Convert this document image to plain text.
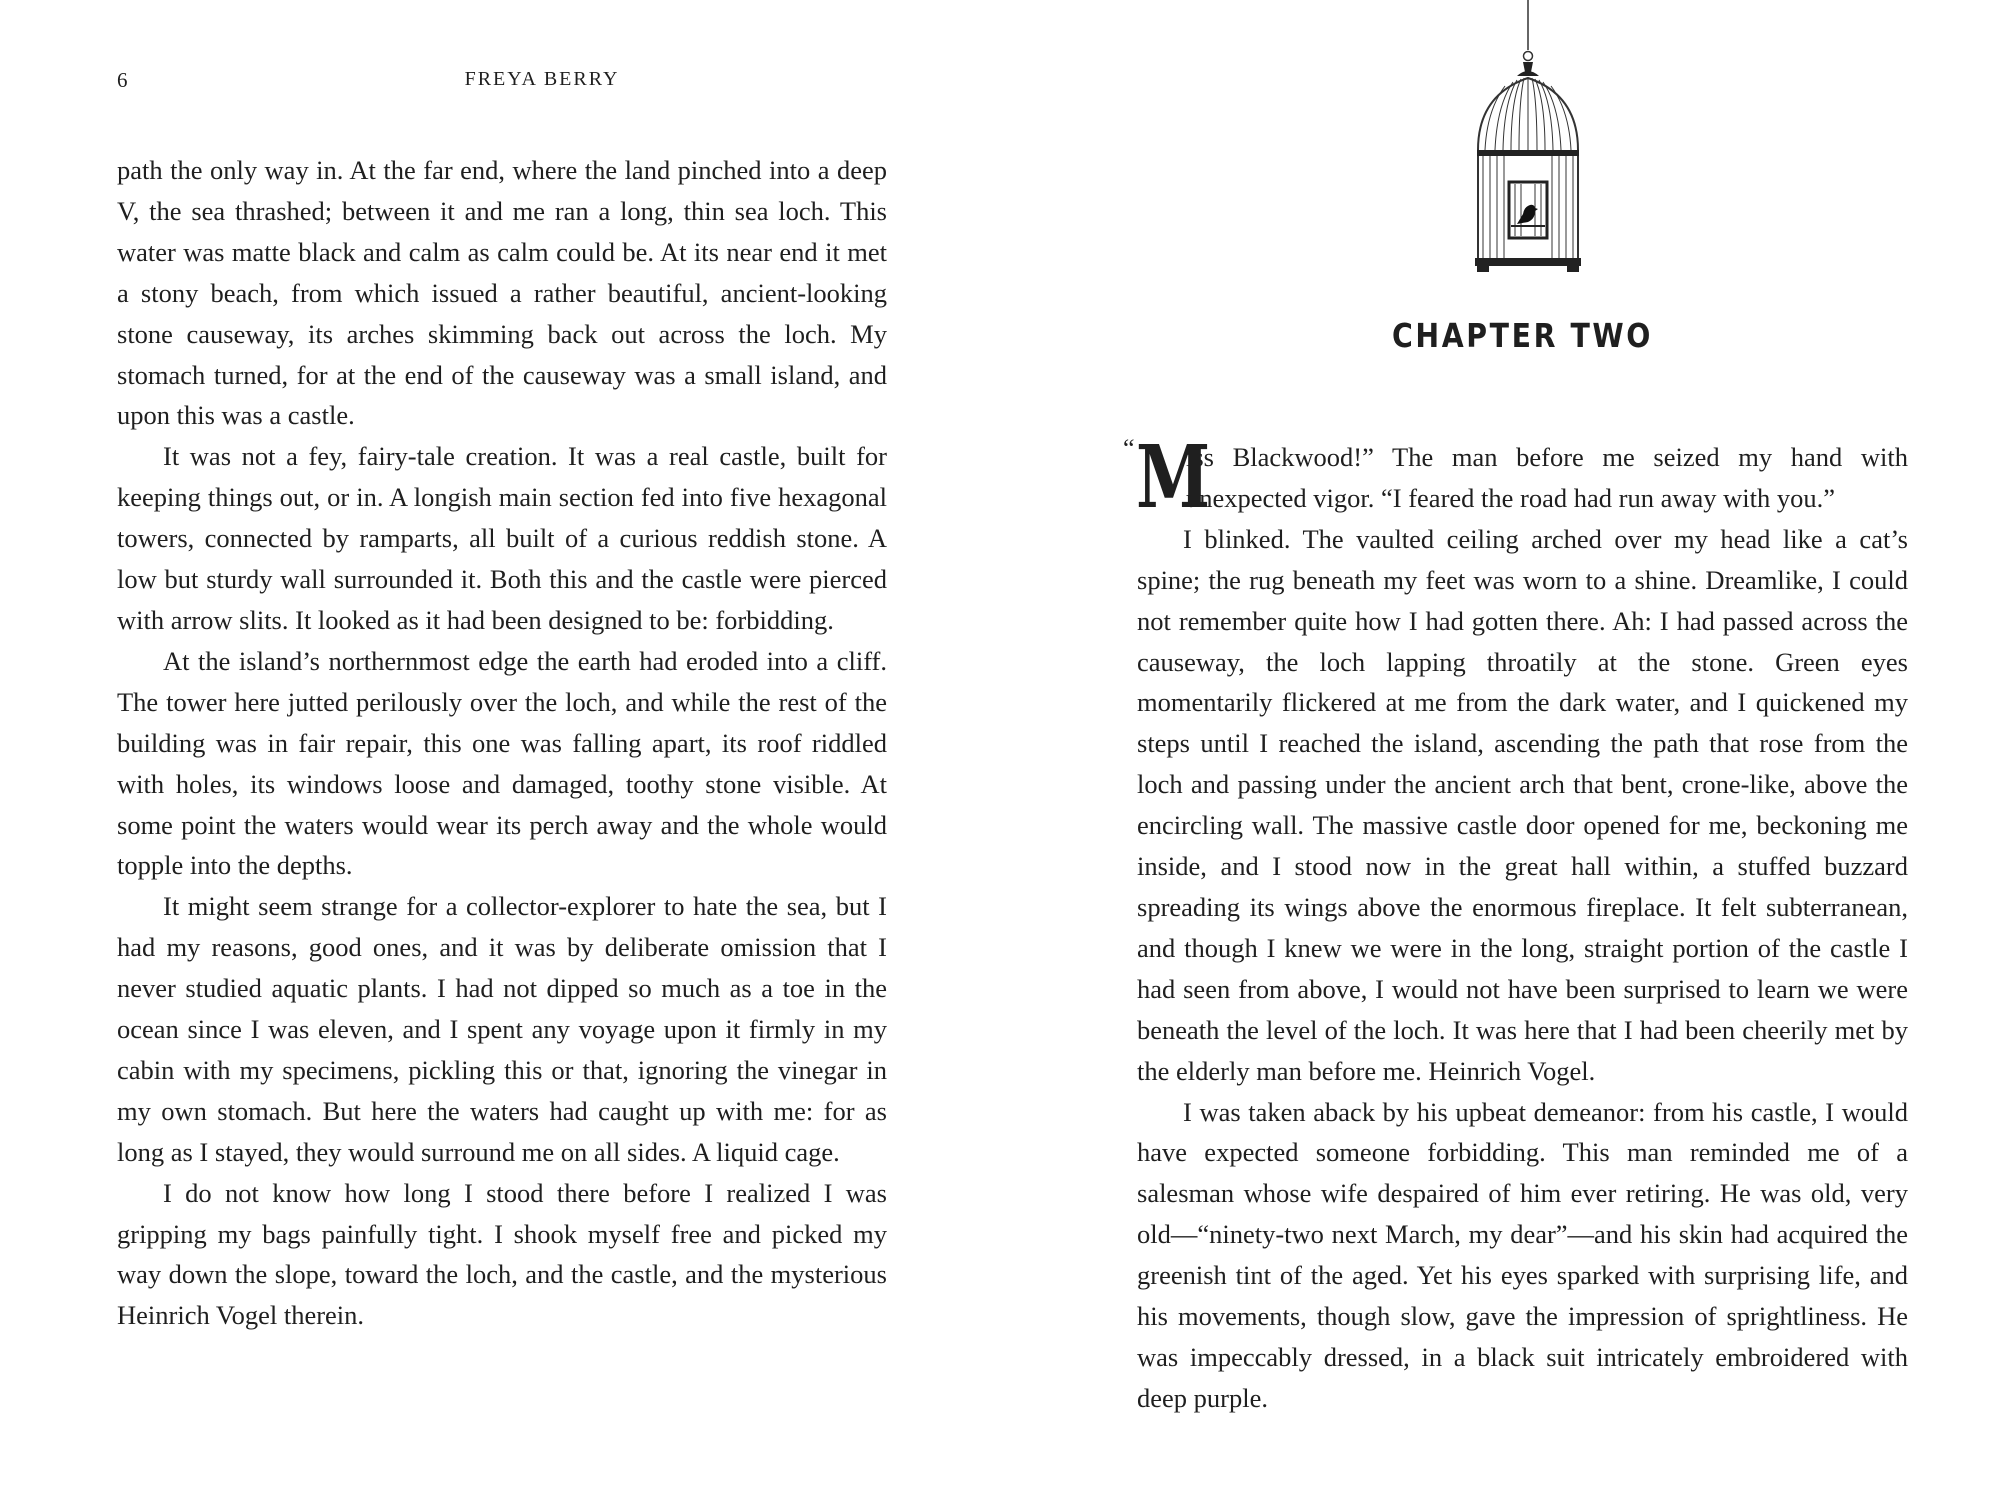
6	FREYA BERRY

path the only way in. At the far end, where the land pinched into a deep V, the sea thrashed; between it and me ran a long, thin sea loch. This water was matte black and calm as calm could be. At its near end it met a stony beach, from which issued a rather beautiful, ancient-looking stone causeway, its arches skimming back out across the loch. My stomach turned, for at the end of the causeway was a small island, and upon this was a castle.

It was not a fey, fairy-tale creation. It was a real castle, built for keeping things out, or in. A longish main section fed into five hexagonal towers, connected by ramparts, all built of a curious reddish stone. A low but sturdy wall surrounded it. Both this and the castle were pierced with arrow slits. It looked as it had been designed to be: forbidding.

At the island’s northernmost edge the earth had eroded into a cliff. The tower here jutted perilously over the loch, and while the rest of the building was in fair repair, this one was falling apart, its roof riddled with holes, its windows loose and damaged, toothy stone visible. At some point the waters would wear its perch away and the whole would topple into the depths.

It might seem strange for a collector-explorer to hate the sea, but I had my reasons, good ones, and it was by deliberate omission that I never studied aquatic plants. I had not dipped so much as a toe in the ocean since I was eleven, and I spent any voyage upon it firmly in my cabin with my specimens, pickling this or that, ignoring the vinegar in my own stomach. But here the waters had caught up with me: for as long as I stayed, they would surround me on all sides. A liquid cage.

I do not know how long I stood there before I realized I was gripping my bags painfully tight. I shook myself free and picked my way down the slope, toward the loch, and the castle, and the mysterious Heinrich Vogel therein.

CHAPTER TWO

“ M
iss Blackwood!” The man before me seized my hand with unexpected vigor. “I feared the road had run away with you.”

I blinked. The vaulted ceiling arched over my head like a cat’s spine; the rug beneath my feet was worn to a shine. Dreamlike, I could not remember quite how I had gotten there. Ah: I had passed across the causeway, the loch lapping throatily at the stone. Green eyes momentarily flickered at me from the dark water, and I quickened my steps until I reached the island, ascending the path that rose from the loch and passing under the ancient arch that bent, crone-like, above the encircling wall. The massive castle door opened for me, beckoning me inside, and I stood now in the great hall within, a stuffed buzzard spreading its wings above the enormous fireplace. It felt subterranean, and though I knew we were in the long, straight portion of the castle I had seen from above, I would not have been surprised to learn we were beneath the level of the loch. It was here that I had been cheerily met by the elderly man before me. Heinrich Vogel.

I was taken aback by his upbeat demeanor: from his castle, I would have expected someone forbidding. This man reminded me of a salesman whose wife despaired of him ever retiring. He was old, very old—“ninety-two next March, my dear”—and his skin had acquired the greenish tint of the aged. Yet his eyes sparked with surprising life, and his movements, though slow, gave the impression of sprightliness. He was impeccably dressed, in a black suit intricately embroidered with deep purple.
